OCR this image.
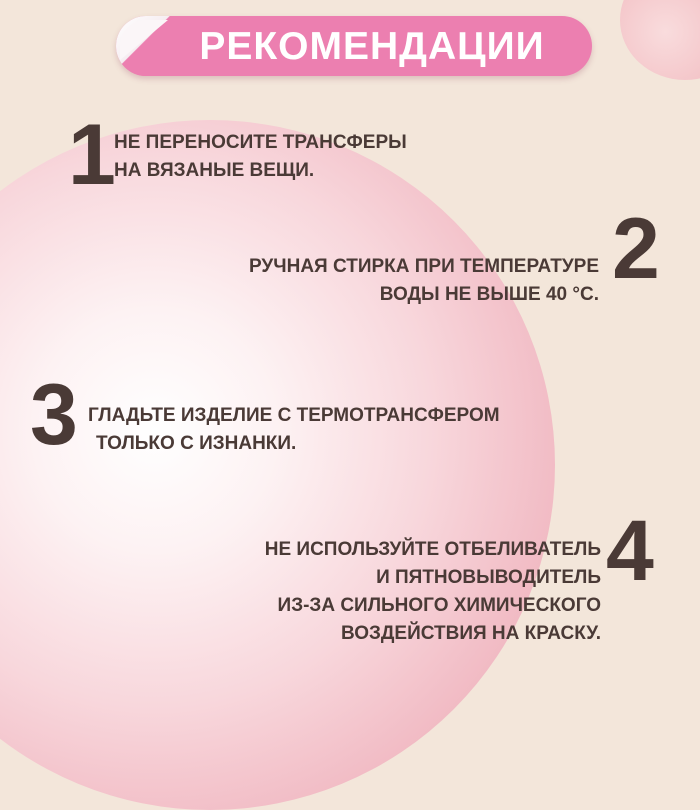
РЕКОМЕНДАЦИИ
1
НЕ ПЕРЕНОСИТЕ ТРАНСФЕРЫ
НА ВЯЗАНЫЕ ВЕЩИ.
2
РУЧНАЯ СТИРКА ПРИ ТЕМПЕРАТУРЕ
ВОДЫ НЕ ВЫШЕ 40 °С.
3 ГЛАДЬТЕ ИЗДЕЛИЕ С ТЕРМОТРАНСФЕРОМ
ТОЛЬКО С ИЗНАНКИ.
4
НЕ ИСПОЛЬЗУЙТЕ ОТБЕЛИВАТЕЛЬ
И ПЯТНОВЫВОДИТЕЛЬ
ИЗ-ЗА СИЛЬНОГО ХИМИЧЕСКОГО
ВОЗДЕЙСТВИЯ НА КРАСКУ.
